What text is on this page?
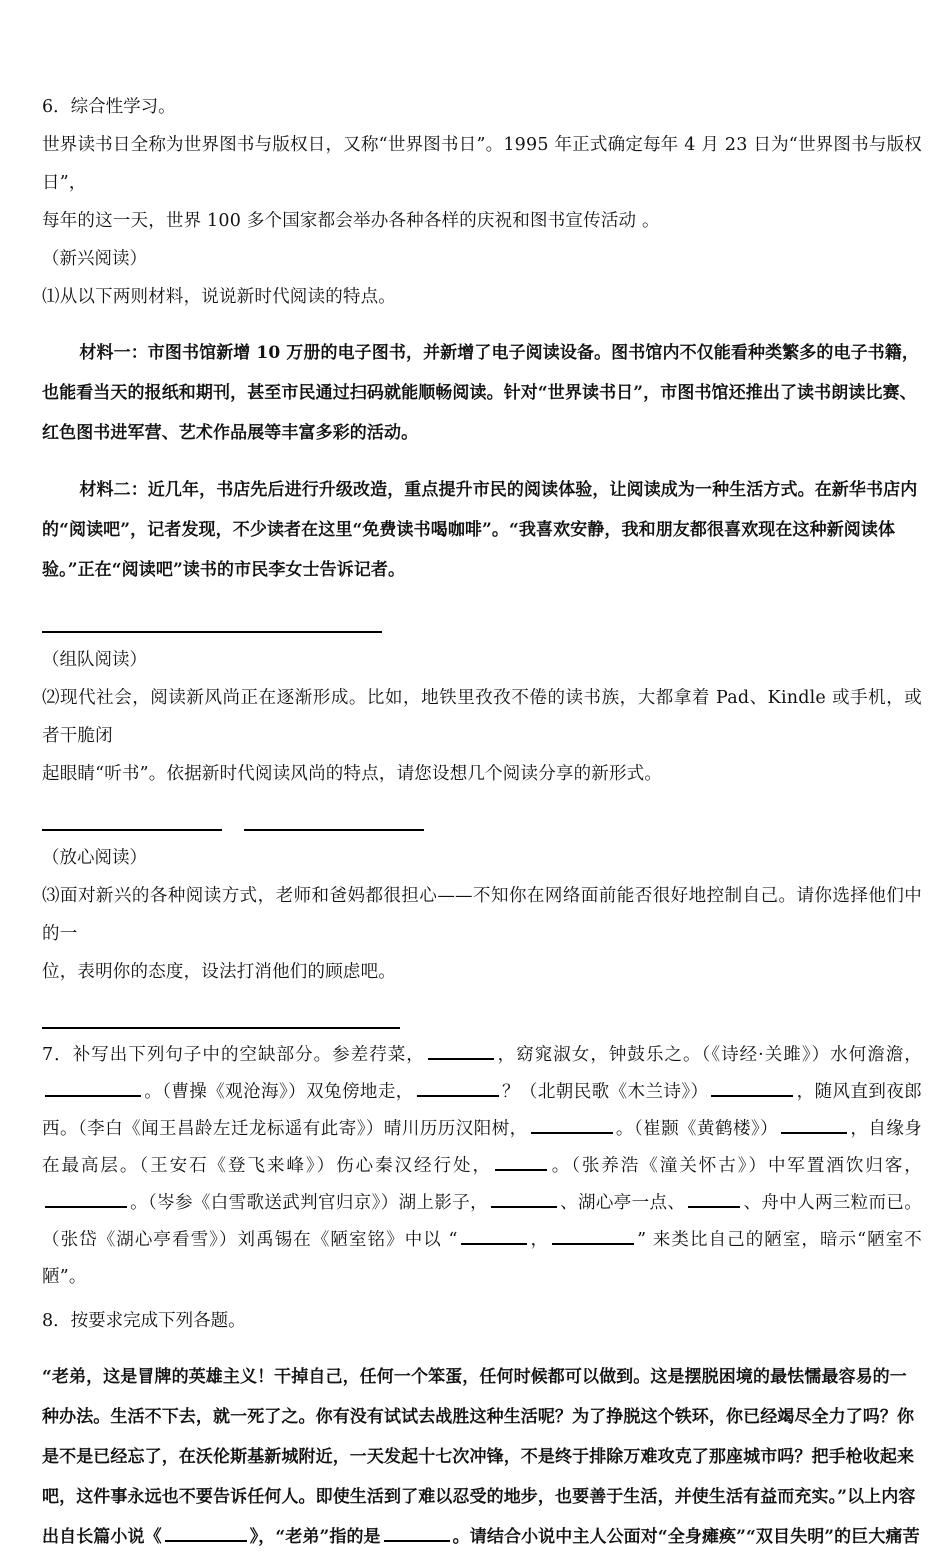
6．综合性学习。

世界读书日全称为世界图书与版权日，又称“世界图书日”。1995 年正式确定每年 4 月 23 日为“世界图书与版权日”，

每年的这一天，世界 100 多个国家都会举办各种各样的庆祝和图书宣传活动 。

（新兴阅读）

⑴从以下两则材料，说说新时代阅读的特点。

材料一：市图书馆新增 10 万册的电子图书，并新增了电子阅读设备。图书馆内不仅能看种类繁多的电子书籍，也能看当天的报纸和期刊，甚至市民通过扫码就能顺畅阅读。针对“世界读书日”，市图书馆还推出了读书朗读比赛、红色图书进军营、艺术作品展等丰富多彩的活动。

材料二：近几年，书店先后进行升级改造，重点提升市民的阅读体验，让阅读成为一种生活方式。在新华书店内的“阅读吧”，记者发现，不少读者在这里“免费读书喝咖啡”。“我喜欢安静，我和朋友都很喜欢现在这种新阅读体验。”正在“阅读吧”读书的市民李女士告诉记者。

（组队阅读）

⑵现代社会，阅读新风尚正在逐渐形成。比如，地铁里孜孜不倦的读书族，大都拿着 Pad、Kindle 或手机，或者干脆闭

起眼睛“听书”。依据新时代阅读风尚的特点，请您设想几个阅读分享的新形式。

（放心阅读）

⑶面对新兴的各种阅读方式，老师和爸妈都很担心——不知你在网络面前能否很好地控制自己。请你选择他们中的一

位，表明你的态度，设法打消他们的顾虑吧。

7．补写出下列句子中的空缺部分。参差荇菜，	，窈窕淑女，钟鼓乐之。（《诗经·关雎》）水何澹澹，。（曹操《观沧海》）双兔傍地走，	？（北朝民歌《木兰诗》）	，随风直到夜郎西。（李白《闻王昌龄左迁龙标遥有此寄》）晴川历历汉阳树，	。（崔颢《黄鹤楼》）	，自缘身在最高层。（王安石《登飞来峰》）伤心秦汉经行处，	。（张养浩《潼关怀古》）中军置酒饮归客，。（岑参《白雪歌送武判官归京》）湖上影子，	、湖心亭一点、	、舟中人两三粒而已。（张岱《湖心亭看雪》）刘禹锡在《陋室铭》中以 “	，	” 来类比自己的陋室，暗示“陋室不陋”。

8．按要求完成下列各题。

“老弟，这是冒牌的英雄主义！干掉自己，任何一个笨蛋，任何时候都可以做到。这是摆脱困境的最怯懦最容易的一种办法。生活不下去，就一死了之。你有没有试试去战胜这种生活呢？为了挣脱这个铁环，你已经竭尽全力了吗？你是不是已经忘了，在沃伦斯基新城附近，一天发起十七次冲锋，不是终于排除万难攻克了那座城市吗？把手枪收起来吧，这件事永远也不要告诉任何人。即使生活到了难以忍受的地步，也要善于生活，并使生活有益而充实。”以上内容出自长篇小说《	》，“老弟”指的是	。请结合小说中主人公面对“全身瘫痪”“双目失明”的巨大痛苦
